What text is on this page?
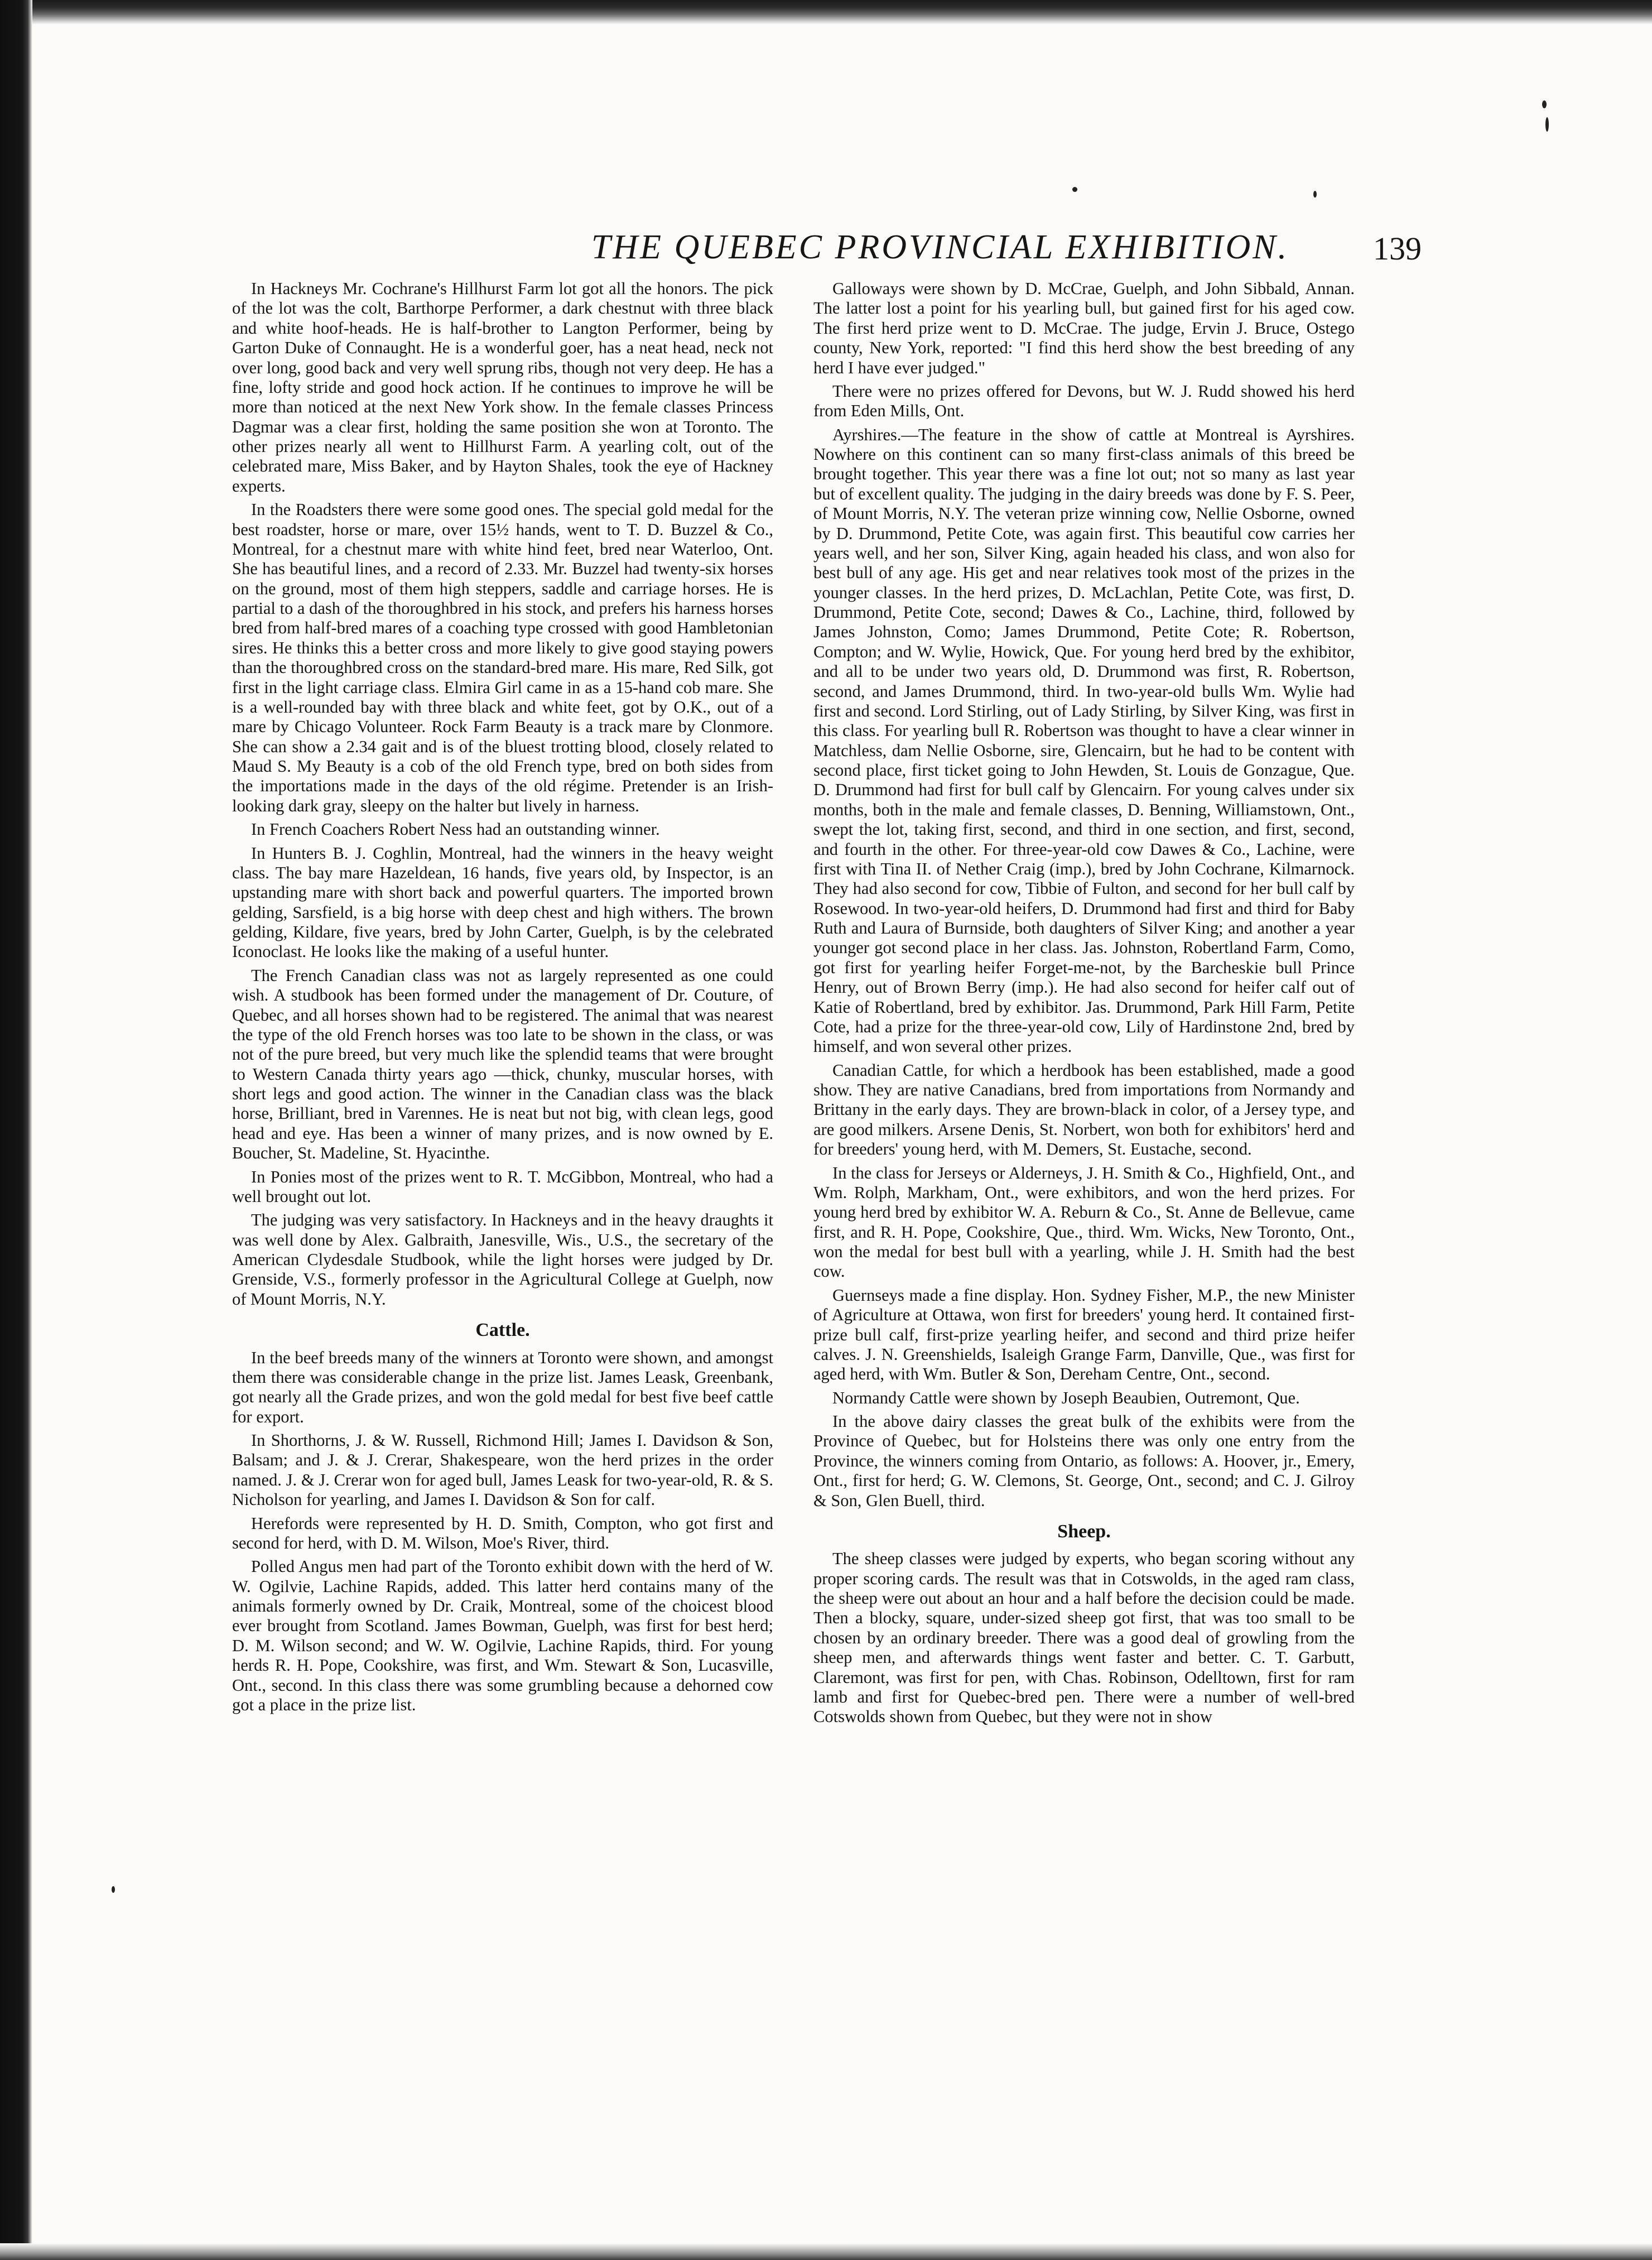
THE QUEBEC PROVINCIAL EXHIBITION.	139

In Hackneys Mr. Cochrane's Hillhurst Farm lot got all the honors. The pick of the lot was the colt, Barthorpe Performer, a dark chestnut with three black and white hoof-heads. He is half-brother to Langton Performer, being by Garton Duke of Connaught. He is a wonderful goer, has a neat head, neck not over long, good back and very well sprung ribs, though not very deep. He has a fine, lofty stride and good hock action. If he continues to improve he will be more than noticed at the next New York show. In the female classes Princess Dagmar was a clear first, holding the same position she won at Toronto. The other prizes nearly all went to Hillhurst Farm. A yearling colt, out of the celebrated mare, Miss Baker, and by Hayton Shales, took the eye of Hackney experts.

In the Roadsters there were some good ones. The special gold medal for the best roadster, horse or mare, over 15½ hands, went to T. D. Buzzel & Co., Montreal, for a chestnut mare with white hind feet, bred near Waterloo, Ont. She has beautiful lines, and a record of 2.33. Mr. Buzzel had twenty-six horses on the ground, most of them high steppers, saddle and carriage horses. He is partial to a dash of the thoroughbred in his stock, and prefers his harness horses bred from half-bred mares of a coaching type crossed with good Hambletonian sires. He thinks this a better cross and more likely to give good staying powers than the thoroughbred cross on the standard-bred mare. His mare, Red Silk, got first in the light carriage class. Elmira Girl came in as a 15-hand cob mare. She is a well-rounded bay with three black and white feet, got by O.K., out of a mare by Chicago Volunteer. Rock Farm Beauty is a track mare by Clonmore. She can show a 2.34 gait and is of the bluest trotting blood, closely related to Maud S. My Beauty is a cob of the old French type, bred on both sides from the importations made in the days of the old régime. Pretender is an Irish-looking dark gray, sleepy on the halter but lively in harness.

In French Coachers Robert Ness had an outstanding winner.

In Hunters B. J. Coghlin, Montreal, had the winners in the heavy weight class. The bay mare Hazeldean, 16 hands, five years old, by Inspector, is an upstanding mare with short back and powerful quarters. The imported brown gelding, Sarsfield, is a big horse with deep chest and high withers. The brown gelding, Kildare, five years, bred by John Carter, Guelph, is by the celebrated Iconoclast. He looks like the making of a useful hunter.

The French Canadian class was not as largely represented as one could wish. A studbook has been formed under the management of Dr. Couture, of Quebec, and all horses shown had to be registered. The animal that was nearest the type of the old French horses was too late to be shown in the class, or was not of the pure breed, but very much like the splendid teams that were brought to Western Canada thirty years ago —thick, chunky, muscular horses, with short legs and good action. The winner in the Canadian class was the black horse, Brilliant, bred in Varennes. He is neat but not big, with clean legs, good head and eye. Has been a winner of many prizes, and is now owned by E. Boucher, St. Madeline, St. Hyacinthe.

In Ponies most of the prizes went to R. T. McGibbon, Montreal, who had a well brought out lot.

The judging was very satisfactory. In Hackneys and in the heavy draughts it was well done by Alex. Galbraith, Janesville, Wis., U.S., the secretary of the American Clydesdale Studbook, while the light horses were judged by Dr. Grenside, V.S., formerly professor in the Agricultural College at Guelph, now of Mount Morris, N.Y.

Cattle.

In the beef breeds many of the winners at Toronto were shown, and amongst them there was considerable change in the prize list. James Leask, Greenbank, got nearly all the Grade prizes, and won the gold medal for best five beef cattle for export.

In Shorthorns, J. & W. Russell, Richmond Hill; James I. Davidson & Son, Balsam; and J. & J. Crerar, Shakespeare, won the herd prizes in the order named. J. & J. Crerar won for aged bull, James Leask for two-year-old, R. & S. Nicholson for yearling, and James I. Davidson & Son for calf.

Herefords were represented by H. D. Smith, Compton, who got first and second for herd, with D. M. Wilson, Moe's River, third.

Polled Angus men had part of the Toronto exhibit down with the herd of W. W. Ogilvie, Lachine Rapids, added. This latter herd contains many of the animals formerly owned by Dr. Craik, Montreal, some of the choicest blood ever brought from Scotland. James Bowman, Guelph, was first for best herd; D. M. Wilson second; and W. W. Ogilvie, Lachine Rapids, third. For young herds R. H. Pope, Cookshire, was first, and Wm. Stewart & Son, Lucasville, Ont., second. In this class there was some grumbling because a dehorned cow got a place in the prize list.

Galloways were shown by D. McCrae, Guelph, and John Sibbald, Annan. The latter lost a point for his yearling bull, but gained first for his aged cow. The first herd prize went to D. McCrae. The judge, Ervin J. Bruce, Ostego county, New York, reported: "I find this herd show the best breeding of any herd I have ever judged."

There were no prizes offered for Devons, but W. J. Rudd showed his herd from Eden Mills, Ont.

Ayrshires.—The feature in the show of cattle at Montreal is Ayrshires. Nowhere on this continent can so many first-class animals of this breed be brought together. This year there was a fine lot out; not so many as last year but of excellent quality. The judging in the dairy breeds was done by F. S. Peer, of Mount Morris, N.Y. The veteran prize winning cow, Nellie Osborne, owned by D. Drummond, Petite Cote, was again first. This beautiful cow carries her years well, and her son, Silver King, again headed his class, and won also for best bull of any age. His get and near relatives took most of the prizes in the younger classes. In the herd prizes, D. McLachlan, Petite Cote, was first, D. Drummond, Petite Cote, second; Dawes & Co., Lachine, third, followed by James Johnston, Como; James Drummond, Petite Cote; R. Robertson, Compton; and W. Wylie, Howick, Que. For young herd bred by the exhibitor, and all to be under two years old, D. Drummond was first, R. Robertson, second, and James Drummond, third. In two-year-old bulls Wm. Wylie had first and second. Lord Stirling, out of Lady Stirling, by Silver King, was first in this class. For yearling bull R. Robertson was thought to have a clear winner in Matchless, dam Nellie Osborne, sire, Glencairn, but he had to be content with second place, first ticket going to John Hewden, St. Louis de Gonzague, Que. D. Drummond had first for bull calf by Glencairn. For young calves under six months, both in the male and female classes, D. Benning, Williamstown, Ont., swept the lot, taking first, second, and third in one section, and first, second, and fourth in the other. For three-year-old cow Dawes & Co., Lachine, were first with Tina II. of Nether Craig (imp.), bred by John Cochrane, Kilmarnock. They had also second for cow, Tibbie of Fulton, and second for her bull calf by Rosewood. In two-year-old heifers, D. Drummond had first and third for Baby Ruth and Laura of Burnside, both daughters of Silver King; and another a year younger got second place in her class. Jas. Johnston, Robertland Farm, Como, got first for yearling heifer Forget-me-not, by the Barcheskie bull Prince Henry, out of Brown Berry (imp.). He had also second for heifer calf out of Katie of Robertland, bred by exhibitor. Jas. Drummond, Park Hill Farm, Petite Cote, had a prize for the three-year-old cow, Lily of Hardinstone 2nd, bred by himself, and won several other prizes.

Canadian Cattle, for which a herdbook has been established, made a good show. They are native Canadians, bred from importations from Normandy and Brittany in the early days. They are brown-black in color, of a Jersey type, and are good milkers. Arsene Denis, St. Norbert, won both for exhibitors' herd and for breeders' young herd, with M. Demers, St. Eustache, second.

In the class for Jerseys or Alderneys, J. H. Smith & Co., Highfield, Ont., and Wm. Rolph, Markham, Ont., were exhibitors, and won the herd prizes. For young herd bred by exhibitor W. A. Reburn & Co., St. Anne de Bellevue, came first, and R. H. Pope, Cookshire, Que., third. Wm. Wicks, New Toronto, Ont., won the medal for best bull with a yearling, while J. H. Smith had the best cow.

Guernseys made a fine display. Hon. Sydney Fisher, M.P., the new Minister of Agriculture at Ottawa, won first for breeders' young herd. It contained first-prize bull calf, first-prize yearling heifer, and second and third prize heifer calves. J. N. Greenshields, Isaleigh Grange Farm, Danville, Que., was first for aged herd, with Wm. Butler & Son, Dereham Centre, Ont., second.

Normandy Cattle were shown by Joseph Beaubien, Outremont, Que.

In the above dairy classes the great bulk of the exhibits were from the Province of Quebec, but for Holsteins there was only one entry from the Province, the winners coming from Ontario, as follows: A. Hoover, jr., Emery, Ont., first for herd; G. W. Clemons, St. George, Ont., second; and C. J. Gilroy & Son, Glen Buell, third.

Sheep.

The sheep classes were judged by experts, who began scoring without any proper scoring cards. The result was that in Cotswolds, in the aged ram class, the sheep were out about an hour and a half before the decision could be made. Then a blocky, square, under-sized sheep got first, that was too small to be chosen by an ordinary breeder. There was a good deal of growling from the sheep men, and afterwards things went faster and better. C. T. Garbutt, Claremont, was first for pen, with Chas. Robinson, Odelltown, first for ram lamb and first for Quebec-bred pen. There were a number of well-bred Cotswolds shown from Quebec, but they were not in show
